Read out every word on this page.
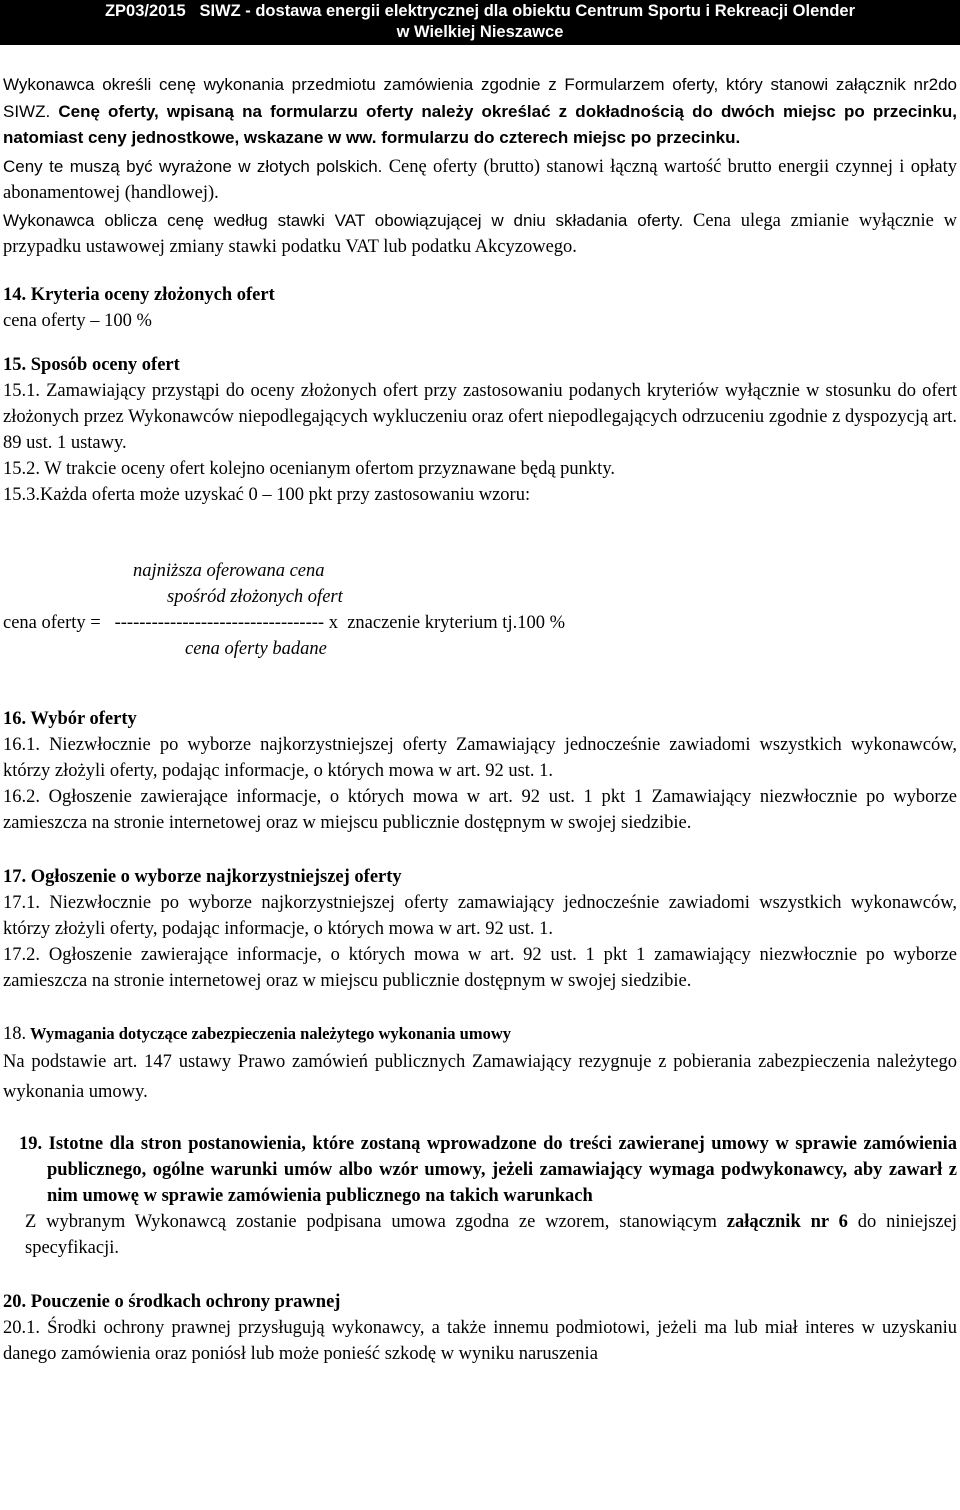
ZP03/2015   SIWZ - dostawa energii elektrycznej dla obiektu Centrum Sportu i Rekreacji Olender
w Wielkiej Nieszawce

Wykonawca określi cenę wykonania przedmiotu zamówienia zgodnie z Formularzem oferty, który stanowi załącznik nr2do SIWZ. Cenę oferty, wpisaną na formularzu oferty należy określać z dokładnością do dwóch miejsc po przecinku, natomiast ceny jednostkowe, wskazane w ww. formularzu do czterech miejsc po przecinku.

Ceny te muszą być wyrażone w złotych polskich. Cenę oferty (brutto) stanowi łączną wartość brutto energii czynnej i opłaty abonamentowej (handlowej).

Wykonawca oblicza cenę według stawki VAT obowiązującej w dniu składania oferty. Cena ulega zmianie wyłącznie w przypadku ustawowej zmiany stawki podatku VAT lub podatku Akcyzowego.

14. Kryteria oceny złożonych ofert

cena oferty – 100 %

15. Sposób oceny ofert

15.1. Zamawiający przystąpi do oceny złożonych ofert przy zastosowaniu podanych kryteriów wyłącznie w stosunku do ofert złożonych przez Wykonawców niepodlegających wykluczeniu oraz ofert niepodlegających odrzuceniu zgodnie z dyspozycją art. 89 ust. 1 ustawy.

15.2. W trakcie oceny ofert kolejno ocenianym ofertom przyznawane będą punkty.

15.3.Każda oferta może uzyskać 0 – 100 pkt przy zastosowaniu wzoru:

najniższa oferowana cena

spośród złożonych ofert

cena oferty =   ---------------------------------- x  znaczenie kryterium tj.100 %

cena oferty badane

16. Wybór oferty

16.1. Niezwłocznie po wyborze najkorzystniejszej oferty Zamawiający jednocześnie zawiadomi wszystkich wykonawców, którzy złożyli oferty, podając informacje, o których mowa w art. 92 ust. 1.

16.2. Ogłoszenie zawierające informacje, o których mowa w art. 92 ust. 1 pkt 1 Zamawiający niezwłocznie po wyborze zamieszcza na stronie internetowej oraz w miejscu publicznie dostępnym w swojej siedzibie.

17. Ogłoszenie o wyborze najkorzystniejszej oferty

17.1. Niezwłocznie po wyborze najkorzystniejszej oferty zamawiający jednocześnie zawiadomi wszystkich wykonawców, którzy złożyli oferty, podając informacje, o których mowa w art. 92 ust. 1.

17.2. Ogłoszenie zawierające informacje, o których mowa w art. 92 ust. 1 pkt 1 zamawiający niezwłocznie po wyborze zamieszcza na stronie internetowej oraz w miejscu publicznie dostępnym w swojej siedzibie.

18. Wymagania dotyczące zabezpieczenia należytego wykonania umowy

Na podstawie art. 147 ustawy Prawo zamówień publicznych Zamawiający rezygnuje z pobierania zabezpieczenia należytego wykonania umowy.

19. Istotne dla stron postanowienia, które zostaną wprowadzone do treści zawieranej umowy w sprawie zamówienia publicznego, ogólne warunki umów albo wzór umowy, jeżeli zamawiający wymaga podwykonawcy, aby zawarł z nim umowę w sprawie zamówienia publicznego na takich warunkach

Z wybranym Wykonawcą zostanie podpisana umowa zgodna ze wzorem, stanowiącym załącznik nr 6 do niniejszej specyfikacji.

20. Pouczenie o środkach ochrony prawnej

20.1. Środki ochrony prawnej przysługują wykonawcy, a także innemu podmiotowi, jeżeli ma lub miał interes w uzyskaniu danego zamówienia oraz poniósł lub może ponieść szkodę w wyniku naruszenia
